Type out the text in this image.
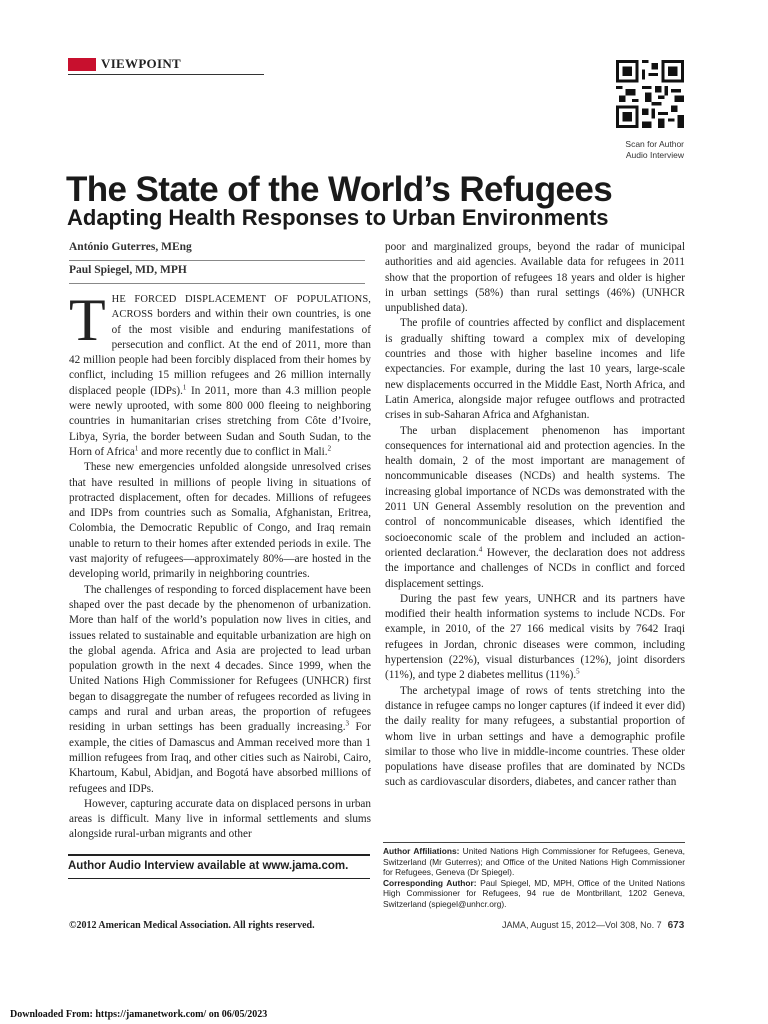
VIEWPOINT
Scan for Author
Audio Interview
The State of the World’s Refugees
Adapting Health Responses to Urban Environments
António Guterres, MEng
Paul Spiegel, MD, MPH

THE FORCED DISPLACEMENT OF POPULATIONS, ACROSS borders and within their own countries, is one of the most visible and enduring manifestations of persecution and conflict. At the end of 2011, more than 42 million people had been forcibly displaced from their homes by conflict, including 15 million refugees and 26 million internally displaced people (IDPs).$^1$ In 2011, more than 4.3 million people were newly uprooted, with some 800 000 fleeing to neighboring countries in humanitarian crises stretching from Côte d’Ivoire, Libya, Syria, the border between Sudan and South Sudan, to the Horn of Africa$^1$ and more recently due to conflict in Mali.$^2$

These new emergencies unfolded alongside unresolved crises that have resulted in millions of people living in situations of protracted displacement, often for decades. Millions of refugees and IDPs from countries such as Somalia, Afghanistan, Eritrea, Colombia, the Democratic Republic of Congo, and Iraq remain unable to return to their homes after extended periods in exile. The vast majority of refugees—approximately 80%—are hosted in the developing world, primarily in neighboring countries.

The challenges of responding to forced displacement have been shaped over the past decade by the phenomenon of urbanization. More than half of the world’s population now lives in cities, and issues related to sustainable and equitable urbanization are high on the global agenda. Africa and Asia are projected to lead urban population growth in the next 4 decades. Since 1999, when the United Nations High Commissioner for Refugees (UNHCR) first began to disaggregate the number of refugees recorded as living in camps and rural and urban areas, the proportion of refugees residing in urban settings has been gradually increasing.$^3$ For example, the cities of Damascus and Amman received more than 1 million refugees from Iraq, and other cities such as Nairobi, Cairo, Khartoum, Kabul, Abidjan, and Bogotá have absorbed millions of refugees and IDPs.

However, capturing accurate data on displaced persons in urban areas is difficult. Many live in informal settlements and slums alongside rural-urban migrants and other

Author Audio Interview available at www.jama.com.

poor and marginalized groups, beyond the radar of municipal authorities and aid agencies. Available data for refugees in 2011 show that the proportion of refugees 18 years and older is higher in urban settings (58%) than rural settings (46%) (UNHCR unpublished data).

The profile of countries affected by conflict and displacement is gradually shifting toward a complex mix of developing countries and those with higher baseline incomes and life expectancies. For example, during the last 10 years, large-scale new displacements occurred in the Middle East, North Africa, and Latin America, alongside major refugee outflows and protracted crises in sub-Saharan Africa and Afghanistan.

The urban displacement phenomenon has important consequences for international aid and protection agencies. In the health domain, 2 of the most important are management of noncommunicable diseases (NCDs) and health systems. The increasing global importance of NCDs was demonstrated with the 2011 UN General Assembly resolution on the prevention and control of noncommunicable diseases, which identified the socioeconomic scale of the problem and included an action-oriented declaration.$^4$ However, the declaration does not address the importance and challenges of NCDs in conflict and forced displacement settings.

During the past few years, UNHCR and its partners have modified their health information systems to include NCDs. For example, in 2010, of the 27 166 medical visits by 7642 Iraqi refugees in Jordan, chronic diseases were common, including hypertension (22%), visual disturbances (12%), joint disorders (11%), and type 2 diabetes mellitus (11%).$^5$

The archetypal image of rows of tents stretching into the distance in refugee camps no longer captures (if indeed it ever did) the daily reality for many refugees, a substantial proportion of whom live in urban settings and have a demographic profile similar to those who live in middle-income countries. These older populations have disease profiles that are dominated by NCDs such as cardiovascular disorders, diabetes, and cancer rather than

Author Affiliations: United Nations High Commissioner for Refugees, Geneva, Switzerland (Mr Guterres); and Office of the United Nations High Commissioner for Refugees, Geneva (Dr Spiegel).
Corresponding Author: Paul Spiegel, MD, MPH, Office of the United Nations High Commissioner for Refugees, 94 rue de Montbrillant, 1202 Geneva, Switzerland (spiegel@unhcr.org).
©2012 American Medical Association. All rights reserved.	JAMA, August 15, 2012—Vol 308, No. 7 673
Downloaded From: https://jamanetwork.com/ on 06/05/2023
